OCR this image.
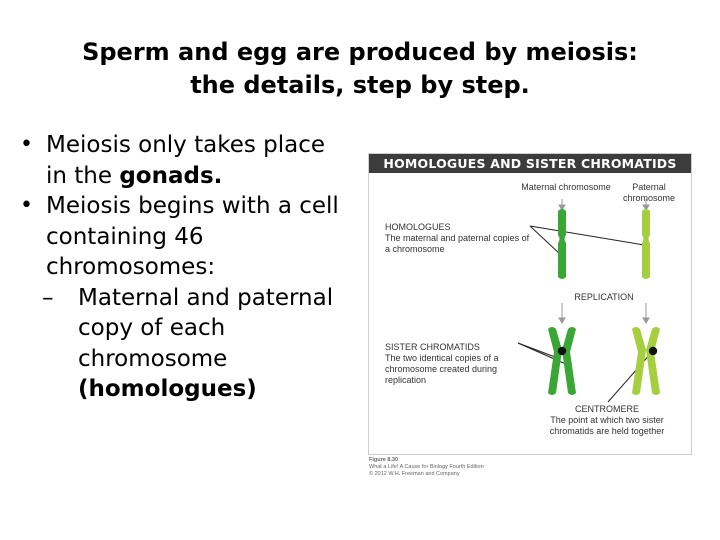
Sperm and egg are produced by meiosis:
the details, step by step.
• Meiosis only takes place in the gonads.
• Meiosis begins with a cell containing 46 chromosomes:
– Maternal and paternal copy of each chromosome (homologues)
HOMOLOGUES AND SISTER CHROMATIDS
Maternal chromosome	Paternal chromosome
HOMOLOGUES
The maternal and paternal copies of a chromosome
REPLICATION
SISTER CHROMATIDS
The two identical copies of a chromosome created during replication
CENTROMERE
The point at which two sister chromatids are held together
Figure 8.30
What a Life! A Cause for Biology Fourth Edition
© 2012 W.H. Freeman and Company
